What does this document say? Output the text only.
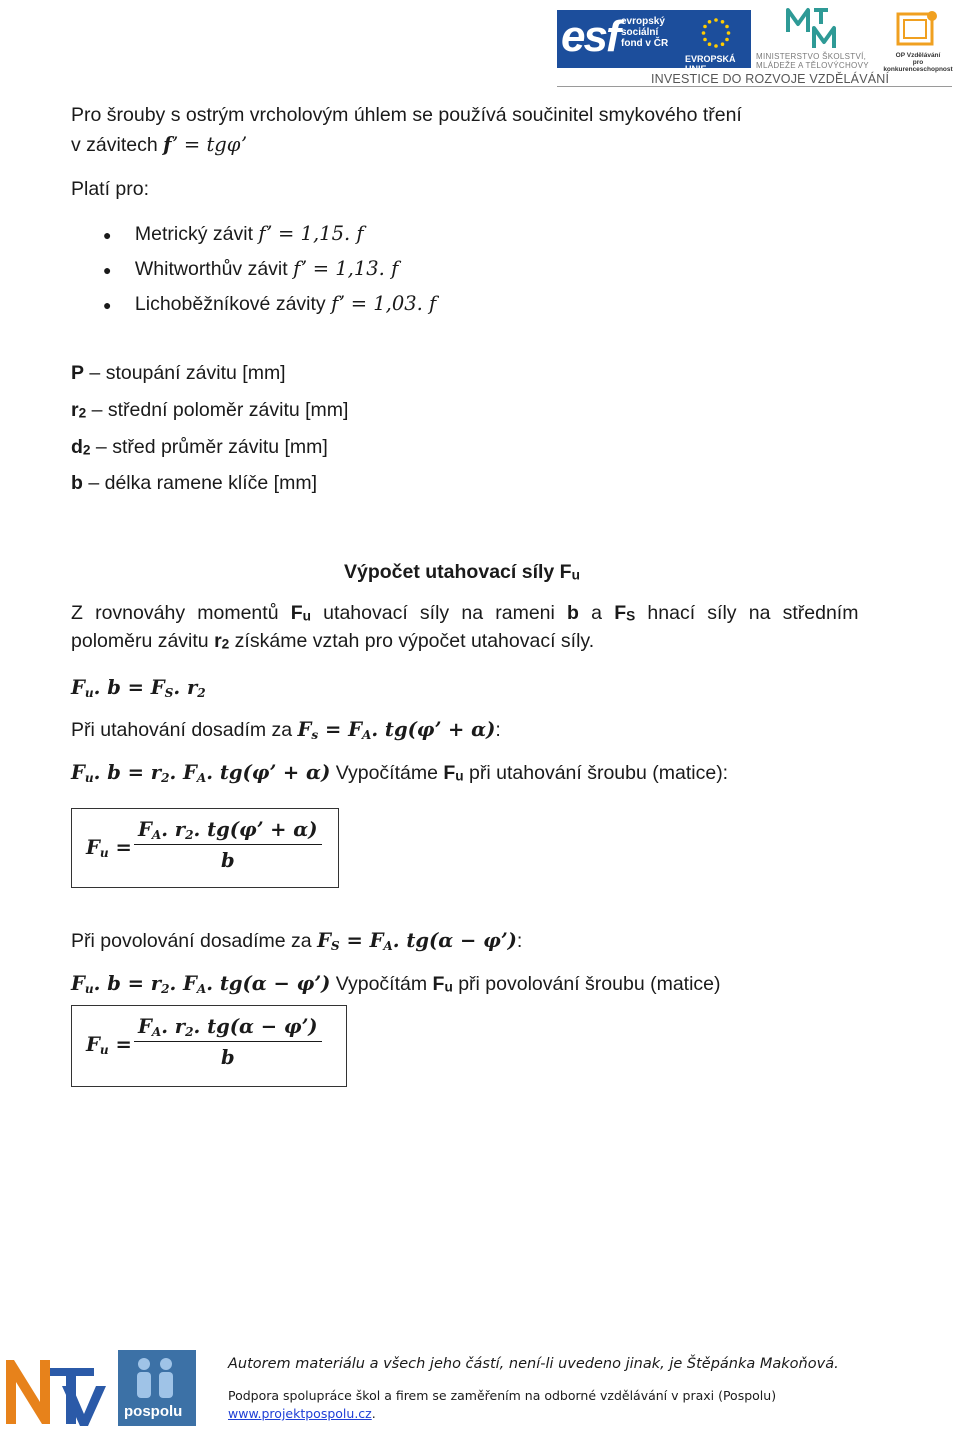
esf evropský
sociální
fond v ČR
EVROPSKÁ UNIE
MINISTERSTVO ŠKOLSTVÍ,
MLÁDEŽE A TĚLOVÝCHOVY
OP Vzdělávání
pro konkurenceschopnost
INVESTICE DO ROZVOJE VZDĚLÁVÁNÍ
Pro šrouby s ostrým vrcholovým úhlem se používá součinitel smykového tření
v závitech fʼ = tgφʼ
Platí pro:
● Metrický závit fʼ = 1,15. f
● Whitworthův závit fʼ = 1,13. f
● Lichoběžníkové závity fʼ = 1,03. f
P – stoupání závitu [mm]
r2 – střední poloměr závitu [mm]
d2 – střed průměr závitu [mm]
b – délka ramene klíče [mm]
Výpočet utahovací síly Fu
Z rovnováhy momentů Fu utahovací síly na rameni b a FS hnací síly na středním
poloměru závitu r2 získáme vztah pro výpočet utahovací síly.
$F_u$. $b = F_S$. $r_2$
Při utahování dosadím za $F_s = F_A$. tg(φʼ + α):
$F_u$. $b = r_2$. $F_A$. tg(φʼ + α) Vypočítáme Fu při utahování šroubu (matice):
$F_u$ =
$F_A$. $r_2$. tg(φʼ + α)
b
Při povolování dosadíme za $F_S = F_A$. tg(α − φʼ):
$F_u$. $b = r_2$. $F_A$. tg(α − φʼ) Vypočítám Fu při povolování šroubu (matice)
$F_u$ =
$F_A$. $r_2$. tg(α − φʼ)
b
pospolu
Autorem materiálu a všech jeho částí, není-li uvedeno jinak, je Štěpánka Makoňová.
Podpora spolupráce škol a firem se zaměřením na odborné vzdělávání v praxi (Pospolu)
www.projektpospolu.cz.
